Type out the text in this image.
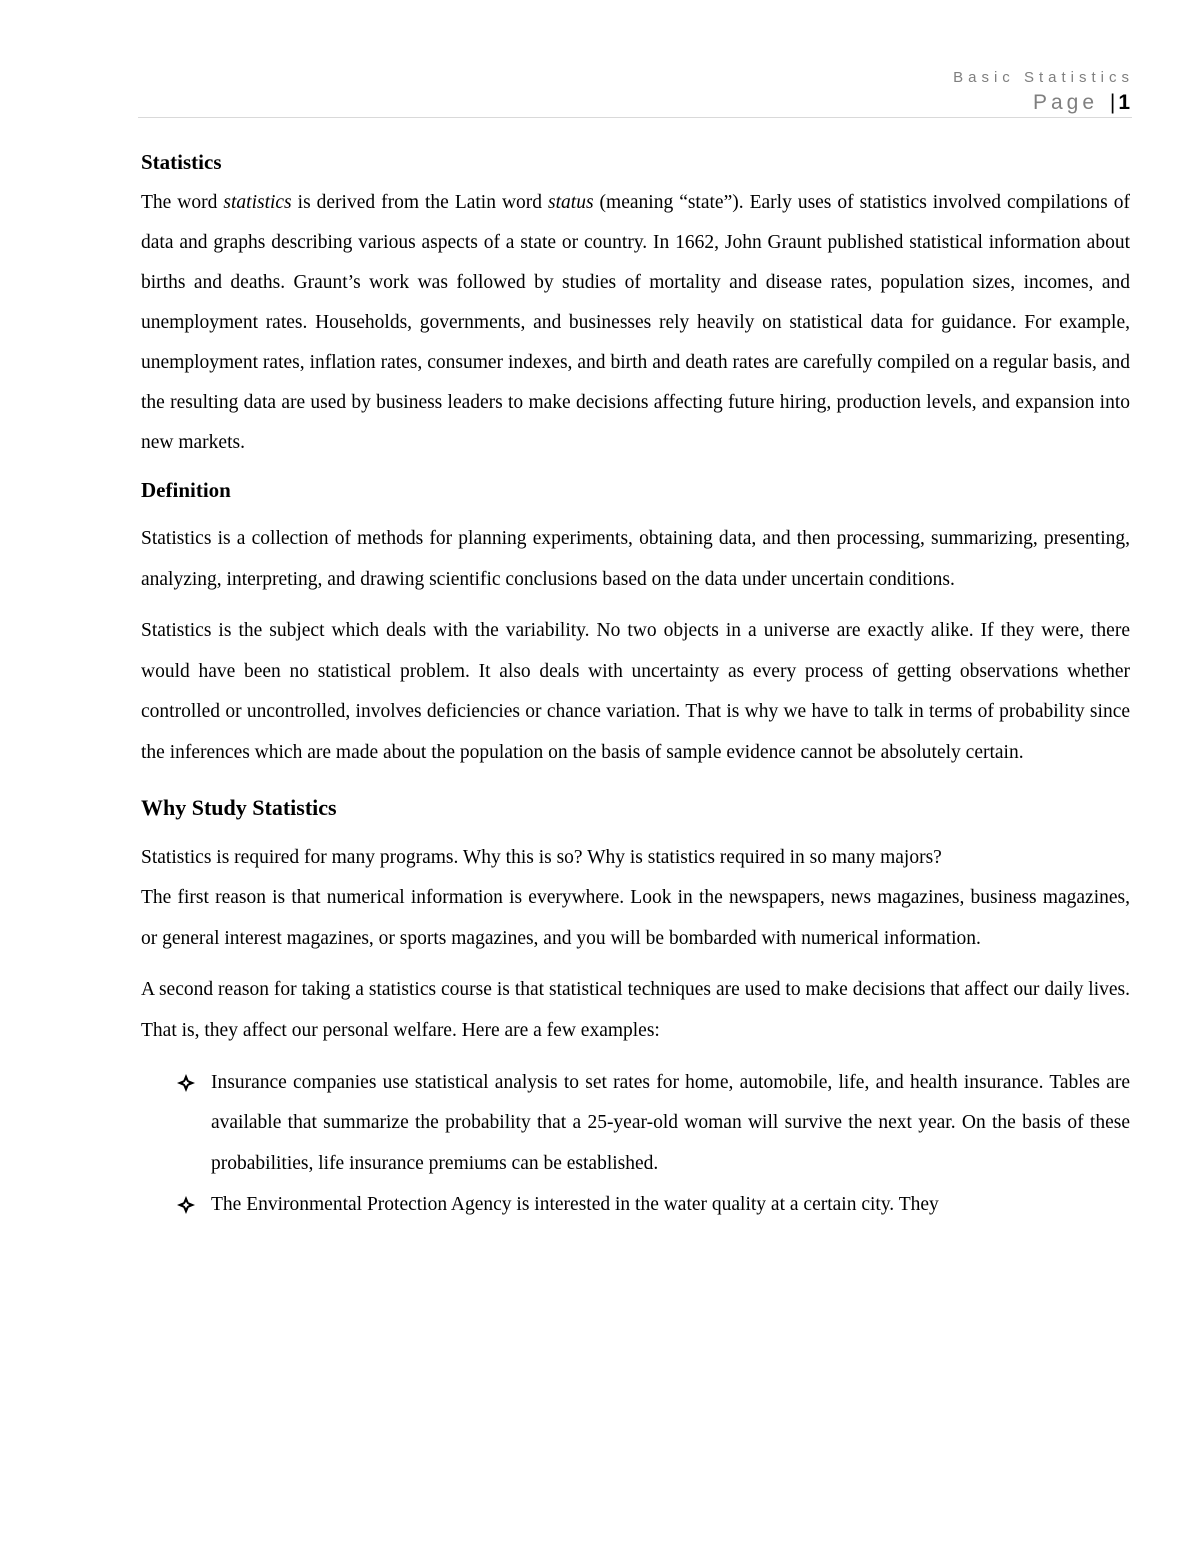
Basic Statistics
Page | 1
Statistics

The word statistics is derived from the Latin word status (meaning “state”). Early uses of statistics involved compilations of data and graphs describing various aspects of a state or country. In 1662, John Graunt published statistical information about births and deaths. Graunt’s work was followed by studies of mortality and disease rates, population sizes, incomes, and unemployment rates. Households, governments, and businesses rely heavily on statistical data for guidance. For example, unemployment rates, inflation rates, consumer indexes, and birth and death rates are carefully compiled on a regular basis, and the resulting data are used by business leaders to make decisions affecting future hiring, production levels, and expansion into new markets.

Definition

Statistics is a collection of methods for planning experiments, obtaining data, and then processing, summarizing, presenting, analyzing, interpreting, and drawing scientific conclusions based on the data under uncertain conditions.

Statistics is the subject which deals with the variability. No two objects in a universe are exactly alike. If they were, there would have been no statistical problem. It also deals with uncertainty as every process of getting observations whether controlled or uncontrolled, involves deficiencies or chance variation. That is why we have to talk in terms of probability since the inferences which are made about the population on the basis of sample evidence cannot be absolutely certain.

Why Study Statistics

Statistics is required for many programs. Why this is so? Why is statistics required in so many majors?

The first reason is that numerical information is everywhere. Look in the newspapers, news magazines, business magazines, or general interest magazines, or sports magazines, and you will be bombarded with numerical information.

A second reason for taking a statistics course is that statistical techniques are used to make decisions that affect our daily lives. That is, they affect our personal welfare. Here are a few examples:

Insurance companies use statistical analysis to set rates for home, automobile, life, and health insurance. Tables are available that summarize the probability that a 25-year-old woman will survive the next year. On the basis of these probabilities, life insurance premiums can be established.
The Environmental Protection Agency is interested in the water quality at a certain city. They
